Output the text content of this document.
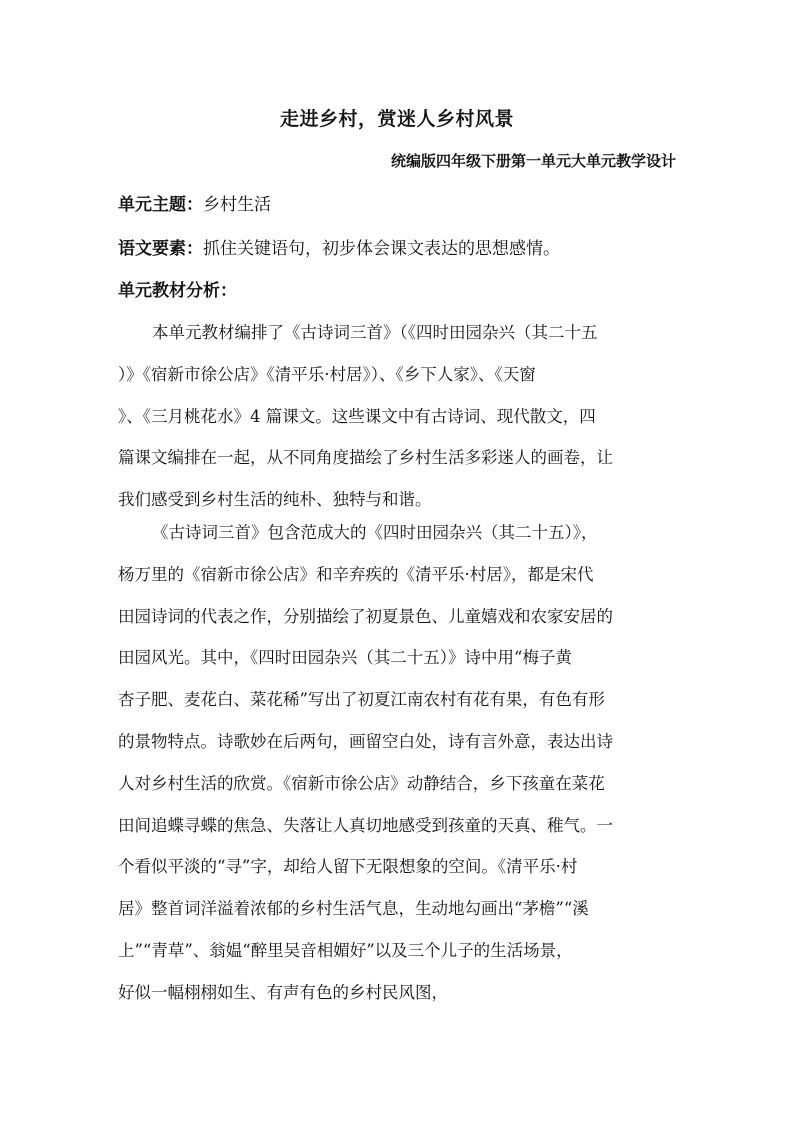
走进乡村，赏迷人乡村风景
统编版四年级下册第一单元大单元教学设计
单元主题：乡村生活
语文要素：抓住关键语句，初步体会课文表达的思想感情。
单元教材分析：
本单元教材编排了《古诗词三首》（《四时田园杂兴（其二十五
）》《宿新市徐公店》《清平乐·村居》）、《乡下人家》、《天窗
》、《三月桃花水》4 篇课文。这些课文中有古诗词、现代散文，四
篇课文编排在一起，从不同角度描绘了乡村生活多彩迷人的画卷，让
我们感受到乡村生活的纯朴、独特与和谐。
《古诗词三首》包含范成大的《四时田园杂兴（其二十五）》，
杨万里的《宿新市徐公店》和辛弃疾的《清平乐·村居》，都是宋代
田园诗词的代表之作，分别描绘了初夏景色、儿童嬉戏和农家安居的
田园风光。其中，《四时田园杂兴（其二十五）》诗中用“梅子黄
杏子肥、麦花白、菜花稀”写出了初夏江南农村有花有果，有色有形
的景物特点。诗歌妙在后两句，画留空白处，诗有言外意，表达出诗
人对乡村生活的欣赏。《宿新市徐公店》动静结合，乡下孩童在菜花
田间追蝶寻蝶的焦急、失落让人真切地感受到孩童的天真、稚气。一
个看似平淡的“寻”字，却给人留下无限想象的空间。《清平乐·村
居》整首词洋溢着浓郁的乡村生活气息，生动地勾画出“茅檐”“溪
上”“青草”、翁媪“醉里吴音相媚好”以及三个儿子的生活场景，
好似一幅栩栩如生、有声有色的乡村民风图，
